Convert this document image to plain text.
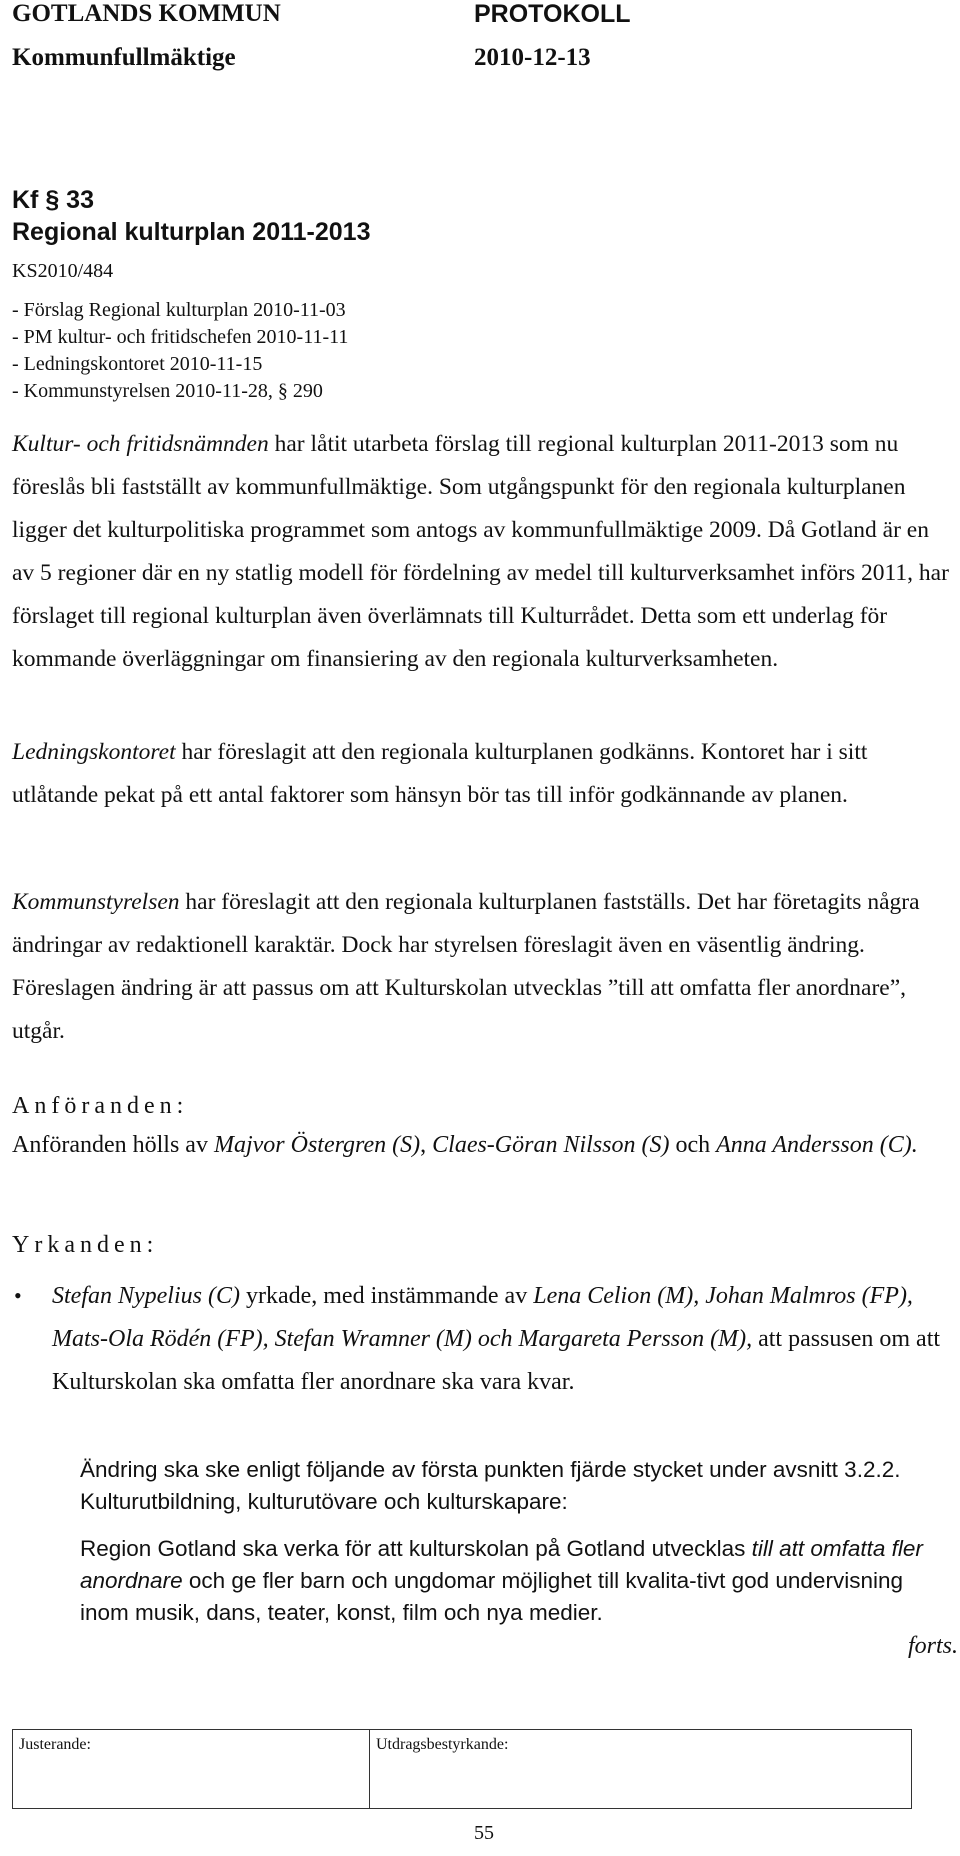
GOTLANDS KOMMUN	PROTOKOLL
Kommunfullmäktige	2010-12-13
Kf § 33
Regional kulturplan 2011-2013
KS2010/484
- Förslag Regional kulturplan 2010-11-03
- PM kultur- och fritidschefen 2010-11-11
- Ledningskontoret 2010-11-15
- Kommunstyrelsen 2010-11-28, § 290

Kultur- och fritidsnämnden har låtit utarbeta förslag till regional kulturplan 2011-2013 som nu föreslås bli fastställt av kommunfullmäktige. Som utgångspunkt för den regionala kulturplanen ligger det kulturpolitiska programmet som antogs av kommunfullmäktige 2009. Då Gotland är en av 5 regioner där en ny statlig modell för fördelning av medel till kulturverksamhet införs 2011, har förslaget till regional kulturplan även överlämnats till Kulturrådet. Detta som ett underlag för kommande överläggningar om finansiering av den regionala kulturverksamheten.

Ledningskontoret har föreslagit att den regionala kulturplanen godkänns. Kontoret har i sitt utlåtande pekat på ett antal faktorer som hänsyn bör tas till inför godkännande av planen.

Kommunstyrelsen har föreslagit att den regionala kulturplanen fastställs. Det har företagits några ändringar av redaktionell karaktär. Dock har styrelsen föreslagit även en väsentlig ändring. Föreslagen ändring är att passus om att Kulturskolan utvecklas ”till att omfatta fler anordnare”, utgår.

Anföranden:

Anföranden hölls av Majvor Östergren (S), Claes-Göran Nilsson (S) och Anna Andersson (C).

Yrkanden:
• Stefan Nypelius (C) yrkade, med instämmande av Lena Celion (M), Johan Malmros (FP), Mats-Ola Rödén (FP), Stefan Wramner (M) och Margareta Persson (M), att passusen om att Kulturskolan ska omfatta fler anordnare ska vara kvar.

Ändring ska ske enligt följande av första punkten fjärde stycket under avsnitt 3.2.2. Kulturutbildning, kulturutövare och kulturskapare:
Region Gotland ska verka för att kulturskolan på Gotland utvecklas till att omfatta fler anordnare och ge fler barn och ungdomar möjlighet till kvalita-tivt god undervisning inom musik, dans, teater, konst, film och nya medier.
forts.
Justerande:	Utdragsbestyrkande:
55
